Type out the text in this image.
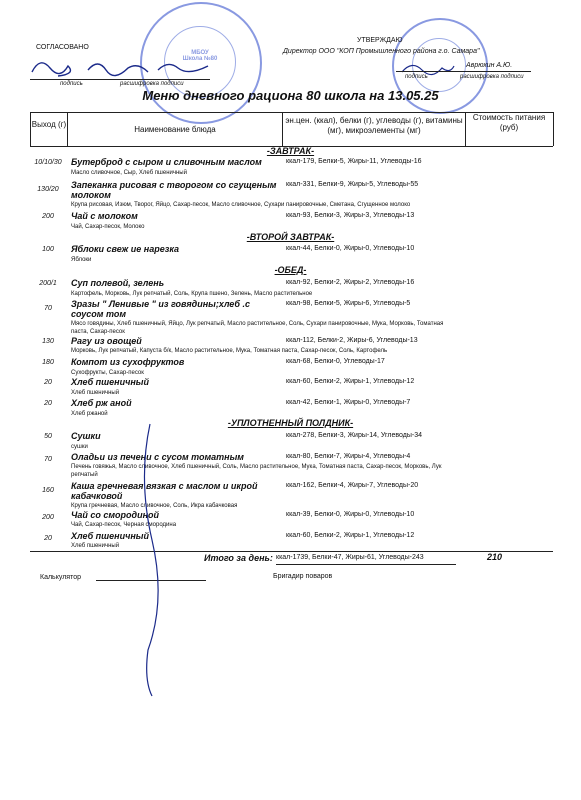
МБОУ
Школа №80
СОГЛАСОВАНО
УТВЕРЖДАЮ
Директор ООО "КОП Промышленного района г.о. Самара"
подпись	расшифровка подписи
Аврюхин А.Ю.
подпись	расшифровка подписи
Меню дневного рациона 80 школа на 13.05.25
Выход (г)
Наименование блюда
эн.цен. (ккал), белки (г), углеводы (г), витамины (мг), микроэлементы (мг)
Стоимость питания (руб)
-ЗАВТРАК-
10/10/30	Бутерброд с сыром и сливочным маслом	ккал-179, Белки-5, Жиры-11, Углеводы-16
Масло сливочное, Сыр, Хлеб пшеничный
130/20	Запеканка рисовая с творогом со сгущеным молоком
ккал-331, Белки-9, Жиры-5, Углеводы-55
Крупа рисовая, Изюм, Творог, Яйцо, Сахар-песок, Масло сливочное, Сухари панировочные, Сметана, Сгущенное молоко
200	Чай с молоком	ккал-93, Белки-3, Жиры-3, Углеводы-13
Чай, Сахар-песок, Молоко
-ВТОРОЙ ЗАВТРАК-
100	Яблоки свеж ие нарезка	ккал-44, Белки-0, Жиры-0, Углеводы-10
Яблоки
-ОБЕД-
200/1	Суп полевой, зелень	ккал-92, Белки-2, Жиры-2, Углеводы-16
Картофель, Морковь, Лук репчатый, Соль, Крупа пшено, Зелень, Масло растительное
70	Зразы " Ленивые " из говядины;хлеб .с соусом том
ккал-98, Белки-5, Жиры-6, Углеводы-5
Мясо говядины, Хлеб пшеничный, Яйцо, Лук репчатый, Масло растительное, Соль, Сухари панировочные, Мука, Морковь, Томатная паста, Сахар-песок
130	Рагу из овощей	ккал-112, Белки-2, Жиры-6, Углеводы-13
Морковь, Лук репчатый, Капуста б/к, Масло растительное, Мука, Томатная паста, Сахар-песок, Соль, Картофель
180	Компот из сухофруктов	ккал-68, Белки-0, Углеводы-17
Сухофрукты, Сахар-песок
20	Хлеб пшеничный	ккал-60, Белки-2, Жиры-1, Углеводы-12
Хлеб пшеничный
20	Хлеб рж аной	ккал-42, Белки-1, Жиры-0, Углеводы-7
Хлеб ржаной
-УПЛОТНЕННЫЙ ПОЛДНИК-
50	Сушки	ккал-278, Белки-3, Жиры-14, Углеводы-34
сушки
70	Оладьи из печени с сусом томатным	ккал-80, Белки-7, Жиры-4, Углеводы-4
Печень говяжья, Масло сливочное, Хлеб пшеничный, Соль, Масло растительное, Мука, Томатная паста, Сахар-песок, Морковь, Лук репчатый
160	Каша гречневая вязкая с маслом и икрой кабачковой
ккал-162, Белки-4, Жиры-7, Углеводы-20
Крупа гречневая, Масло сливочное, Соль, Икра кабачковая
200	Чай со смородиной	ккал-39, Белки-0, Жиры-0, Углеводы-10
Чай, Сахар-песок, Черная смородина
20	Хлеб пшеничный	ккал-60, Белки-2, Жиры-1, Углеводы-12
Хлеб пшеничный
Итого за день: ккал-1739, Белки-47, Жиры-61, Углеводы-243	210
Калькулятор	Бригадир поваров
